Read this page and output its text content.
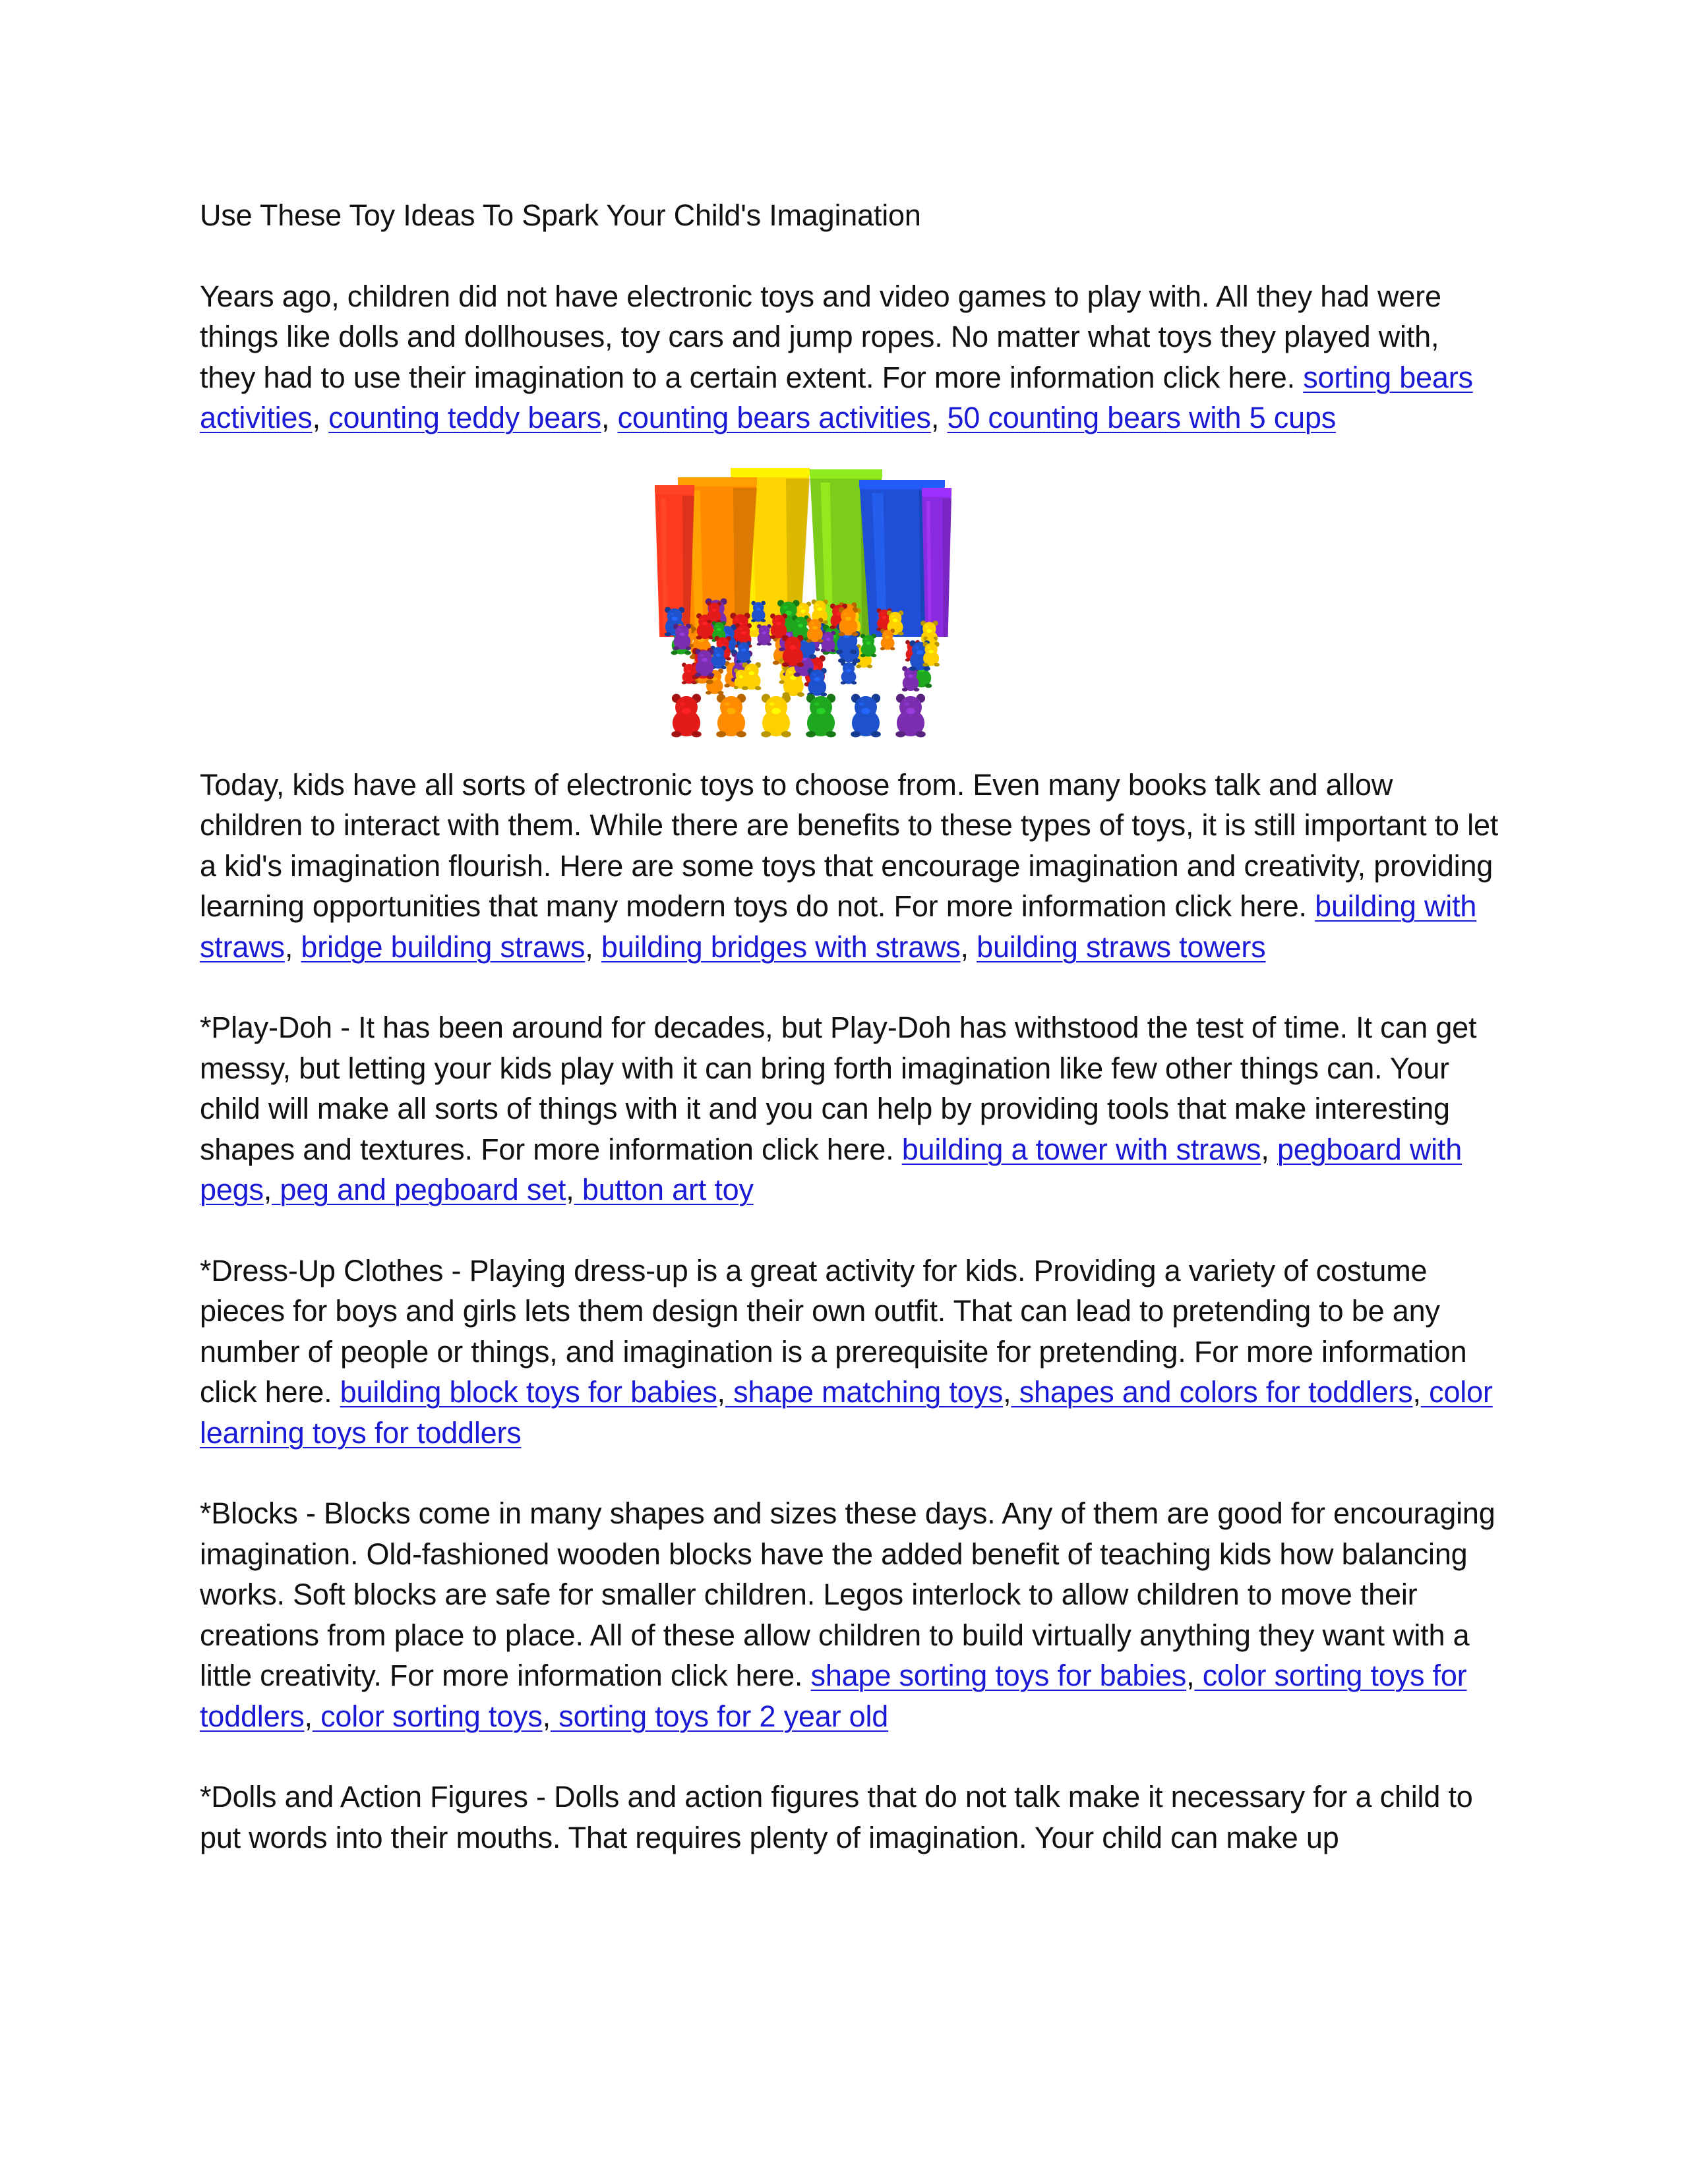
Use These Toy Ideas To Spark Your Child's Imagination

Years ago, children did not have electronic toys and video games to play with. All they had were things like dolls and dollhouses, toy cars and jump ropes. No matter what toys they played with, they had to use their imagination to a certain extent. For more information click here. sorting bears activities, counting teddy bears, counting bears activities, 50 counting bears with 5 cups

Today, kids have all sorts of electronic toys to choose from. Even many books talk and allow children to interact with them. While there are benefits to these types of toys, it is still important to let a kid's imagination flourish. Here are some toys that encourage imagination and creativity, providing learning opportunities that many modern toys do not. For more information click here. building with straws, bridge building straws, building bridges with straws, building straws towers

*Play-Doh - It has been around for decades, but Play-Doh has withstood the test of time. It can get messy, but letting your kids play with it can bring forth imagination like few other things can. Your child will make all sorts of things with it and you can help by providing tools that make interesting shapes and textures. For more information click here. building a tower with straws, pegboard with pegs, peg and pegboard set, button art toy

*Dress-Up Clothes - Playing dress-up is a great activity for kids. Providing a variety of costume pieces for boys and girls lets them design their own outfit. That can lead to pretending to be any number of people or things, and imagination is a prerequisite for pretending. For more information click here. building block toys for babies, shape matching toys, shapes and colors for toddlers, color learning toys for toddlers

*Blocks - Blocks come in many shapes and sizes these days. Any of them are good for encouraging imagination. Old-fashioned wooden blocks have the added benefit of teaching kids how balancing works. Soft blocks are safe for smaller children. Legos interlock to allow children to move their creations from place to place. All of these allow children to build virtually anything they want with a little creativity. For more information click here. shape sorting toys for babies, color sorting toys for toddlers, color sorting toys, sorting toys for 2 year old

*Dolls and Action Figures - Dolls and action figures that do not talk make it necessary for a child to put words into their mouths. That requires plenty of imagination. Your child can make up
